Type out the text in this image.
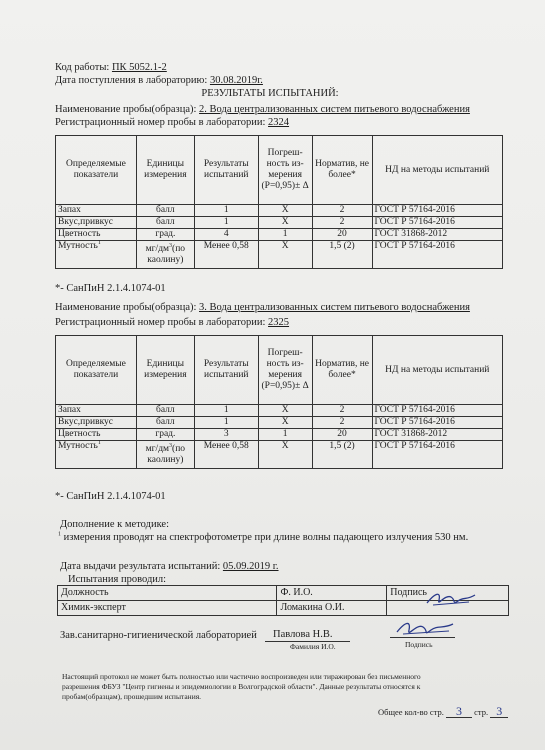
Код работы: ПК 5052.1-2
Дата поступления в лабораторию: 30.08.2019г.
РЕЗУЛЬТАТЫ ИСПЫТАНИЙ:
Наименование пробы(образца): 2. Вода централизованных систем питьевого водоснабжения
Регистрационный номер пробы в лаборатории: 2324
Определяемые показатели	Единицы измерения	Результаты испытаний	Погреш-ность из-мерения (P=0,95)± Δ	Норматив, не более*	НД на методы испытаний
Запах	балл	1	X	2	ГОСТ Р 57164-2016
Вкус,привкус	балл	1	X	2	ГОСТ Р 57164-2016
Цветность	град.	4	1	20	ГОСТ 31868-2012
Мутность$^1$	$мг/дм^3(по$ каолину)	Менее 0,58	X	1,5 (2)	ГОСТ Р 57164-2016
*- СанПиН 2.1.4.1074-01
Наименование пробы(образца): 3. Вода централизованных систем питьевого водоснабжения
Регистрационный номер пробы в лаборатории: 2325
Определяемые показатели	Единицы измерения	Результаты испытаний	Погреш-ность из-мерения (P=0,95)± Δ	Норматив, не более*	НД на методы испытаний
Запах	балл	1	X	2	ГОСТ Р 57164-2016
Вкус,привкус	балл	1	X	2	ГОСТ Р 57164-2016
Цветность	град.	3	1	20	ГОСТ 31868-2012
Мутность$^1$	$мг/дм^3(по$ каолину)	Менее 0,58	X	1,5 (2)	ГОСТ Р 57164-2016
*- СанПиН 2.1.4.1074-01
Дополнение к методике:
$^1$ измерения проводят на спектрофотометре при длине волны падающего излучения 530 нм.
Дата выдачи результата испытаний: 05.09.2019 г.
Испытания проводил:
Должность	Ф. И.О.	Подпись
Химик-эксперт	Ломакина О.И.	
Зав.санитарно-гигиенической лабораторией Павлова Н.В.
Фамилия И.О.	Подпись
Настоящий протокол не может быть полностью или частично воспроизведен или тиражирован без письменного
разрешения ФБУЗ "Центр гигиены и эпидемиологии в Волгоградской области". Данные результаты относятся к
пробам(образцам), прошедшим испытания.
Общее кол-во стр. 3 стр. 3
